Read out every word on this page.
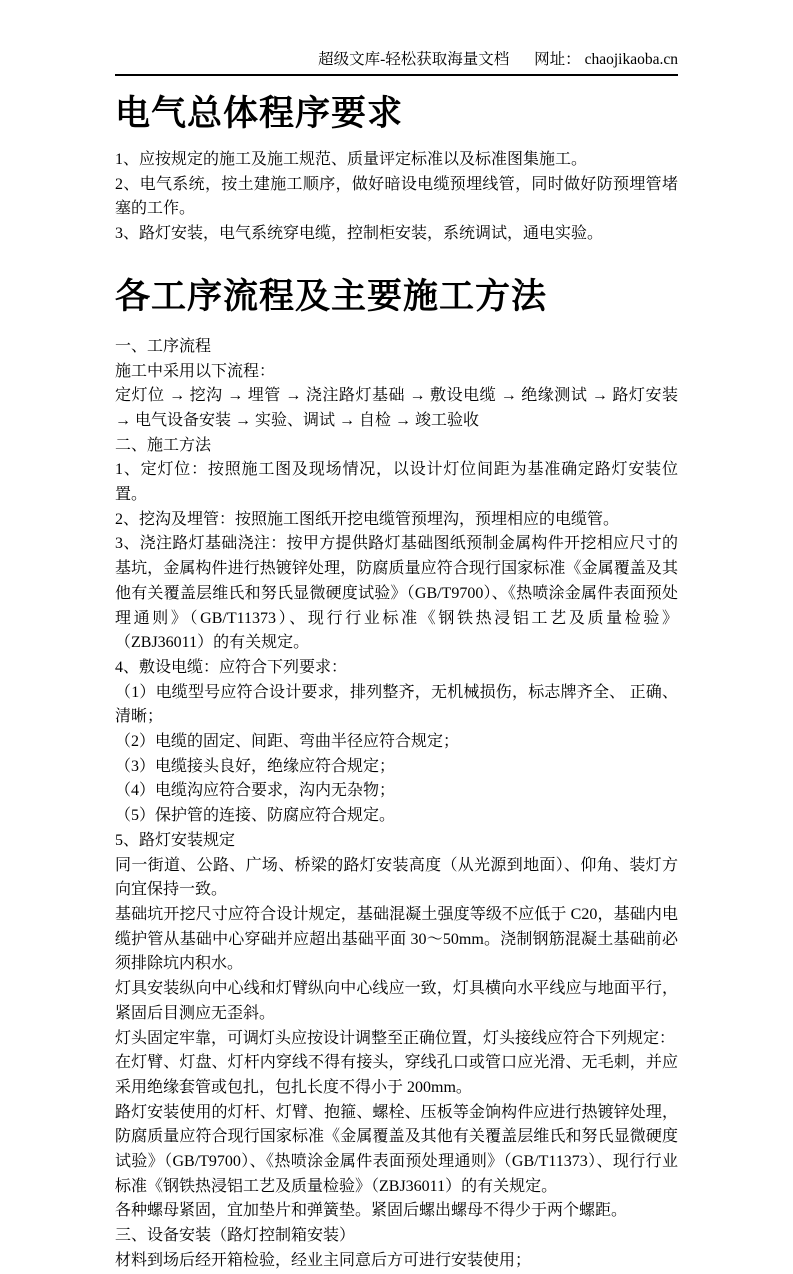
超级文库-轻松获取海量文档 网址： chaojikaoba.cn
电气总体程序要求

1、应按规定的施工及施工规范、质量评定标准以及标准图集施工。

2、电气系统，按土建施工顺序，做好暗设电缆预埋线管，同时做好防预埋管堵塞的工作。

3、路灯安装，电气系统穿电缆，控制柜安装，系统调试，通电实验。

各工序流程及主要施工方法

一、工序流程

施工中采用以下流程：

定灯位 → 挖沟 → 埋管 → 浇注路灯基础 → 敷设电缆 → 绝缘测试 → 路灯安装 → 电气设备安装 → 实验、调试 → 自检 → 竣工验收

二、施工方法

1、定灯位：按照施工图及现场情况，以设计灯位间距为基准确定路灯安装位置。

2、挖沟及埋管：按照施工图纸开挖电缆管预埋沟，预埋相应的电缆管。

3、浇注路灯基础浇注：按甲方提供路灯基础图纸预制金属构件开挖相应尺寸的基坑，金属构件进行热镀锌处理，防腐质量应符合现行国家标准《金属覆盖及其他有关覆盖层维氏和努氏显微硬度试验》（GB/T9700）、《热喷涂金属件表面预处理通则》（GB/T11373）、现行行业标准《钢铁热浸铝工艺及质量检验》（ZBJ36011）的有关规定。

4、敷设电缆：应符合下列要求：

（1）电缆型号应符合设计要求，排列整齐，无机械损伤，标志牌齐全、 正确、清晰；

（2）电缆的固定、间距、弯曲半径应符合规定；

（3）电缆接头良好，绝缘应符合规定；

（4）电缆沟应符合要求，沟内无杂物；

（5）保护管的连接、防腐应符合规定。

5、路灯安装规定

同一街道、公路、广场、桥梁的路灯安装高度（从光源到地面）、仰角、装灯方向宜保持一致。

基础坑开挖尺寸应符合设计规定，基础混凝土强度等级不应低于 C20，基础内电缆护管从基础中心穿础并应超出基础平面 30～50mm。浇制钢筋混凝土基础前必须排除坑内积水。

灯具安装纵向中心线和灯臂纵向中心线应一致，灯具横向水平线应与地面平行，紧固后目测应无歪斜。

灯头固定牢靠，可调灯头应按设计调整至正确位置，灯头接线应符合下列规定：

在灯臂、灯盘、灯杆内穿线不得有接头，穿线孔口或管口应光滑、无毛刺，并应采用绝缘套管或包扎，包扎长度不得小于 200mm。

路灯安装使用的灯杆、灯臂、抱箍、螺栓、压板等金饷构件应进行热镀锌处理，防腐质量应符合现行国家标准《金属覆盖及其他有关覆盖层维氏和努氏显微硬度试验》（GB/T9700）、《热喷涂金属件表面预处理通则》（GB/T11373）、现行行业标准《钢铁热浸铝工艺及质量检验》（ZBJ36011）的有关规定。

各种螺母紧固，宜加垫片和弹簧垫。紧固后螺出螺母不得少于两个螺距。

三、设备安装（路灯控制箱安装）

材料到场后经开箱检验，经业主同意后方可进行安装使用；
